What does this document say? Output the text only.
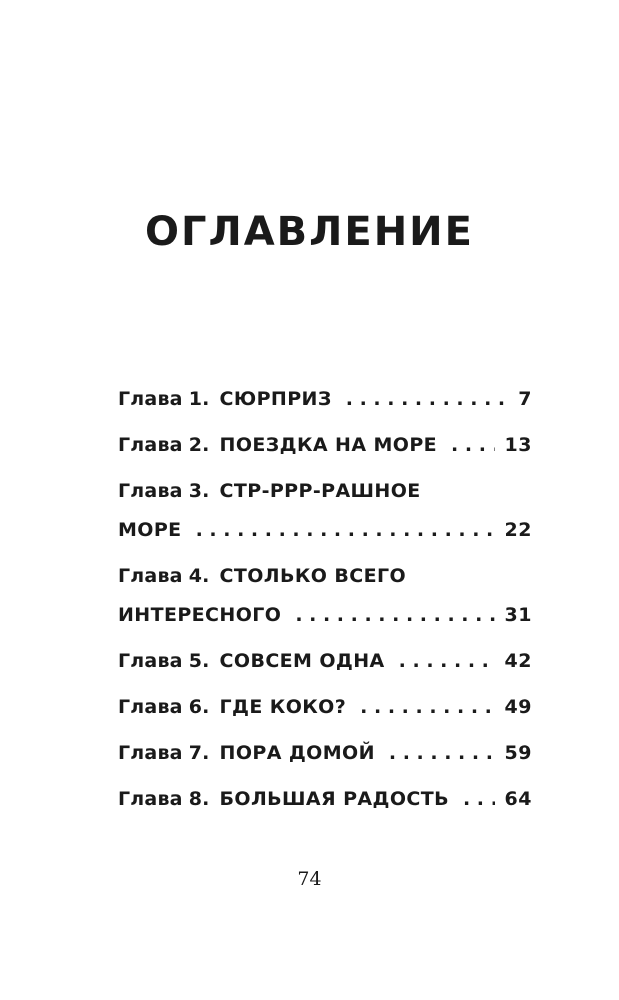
ОГЛАВЛЕНИЕ
Глава 1. СЮРПРИЗ . . .	7
Глава 2. ПОЕЗДКА НА МОРЕ . . .	13
Глава 3. СТР-РРР-РАШНОЕ
МОРЕ . . .	22
Глава 4. СТОЛЬКО ВСЕГО
ИНТЕРЕСНОГО . . .	31
Глава 5. СОВСЕМ ОДНА . . .	42
Глава 6. ГДЕ КОКО? . . .	49
Глава 7. ПОРА ДОМОЙ . . .	59
Глава 8. БОЛЬШАЯ РАДОСТЬ . . .	64
74
